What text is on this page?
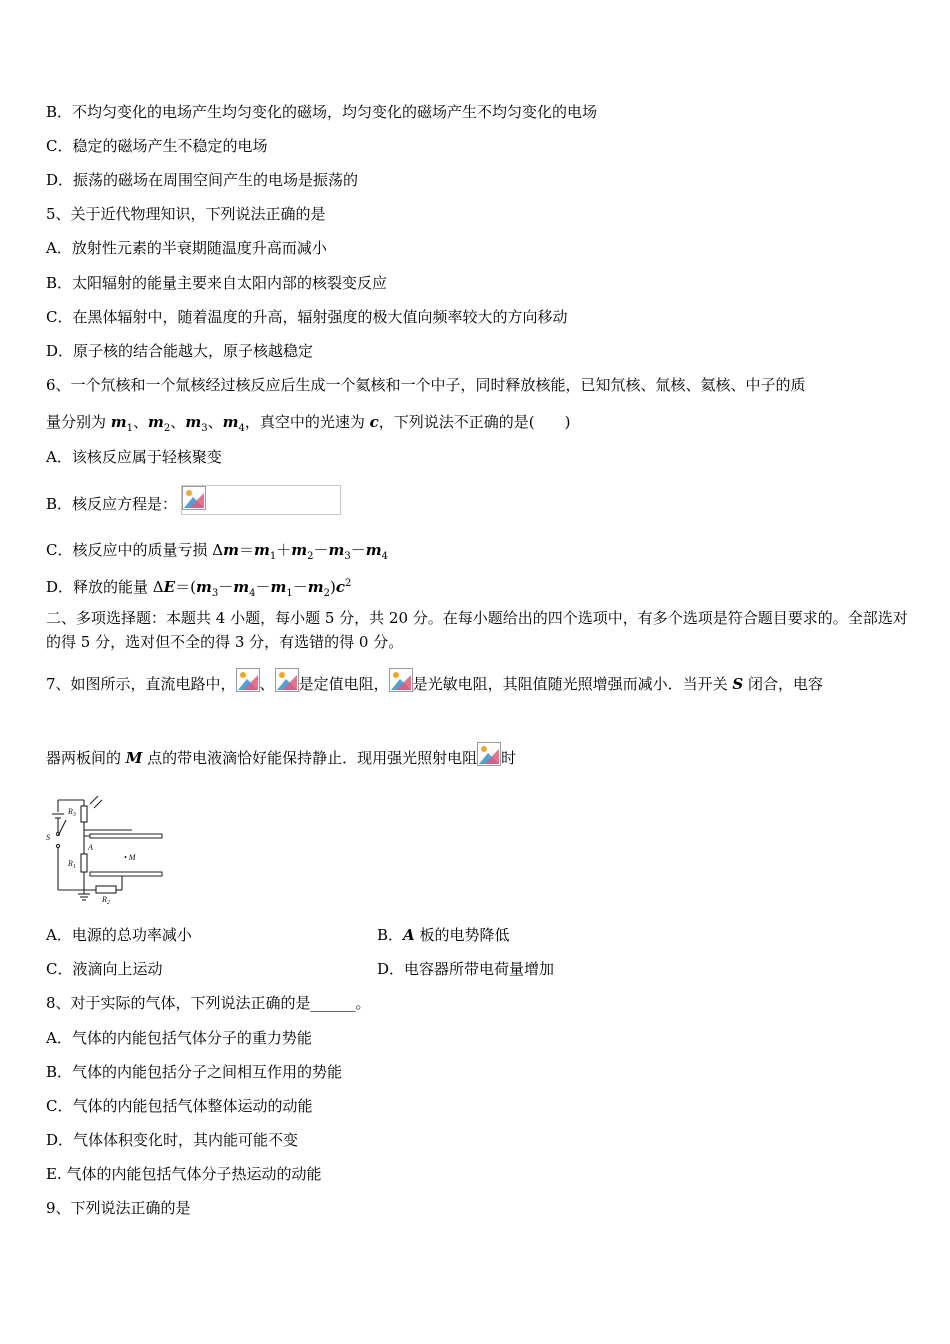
B．不均匀变化的电场产生均匀变化的磁场，均匀变化的磁场产生不均匀变化的电场
C．稳定的磁场产生不稳定的电场
D．振荡的磁场在周围空间产生的电场是振荡的
5、关于近代物理知识，下列说法正确的是
A．放射性元素的半衰期随温度升高而减小
B．太阳辐射的能量主要来自太阳内部的核裂变反应
C．在黑体辐射中，随着温度的升高，辐射强度的极大值向频率较大的方向移动
D．原子核的结合能越大，原子核越稳定
6、一个氘核和一个氚核经过核反应后生成一个氦核和一个中子，同时释放核能，已知氘核、氚核、氦核、中子的质
量分别为 $m_1$、$m_2$、$m_3$、$m_4$，真空中的光速为 c，下列说法不正确的是(　　)
A．该核反应属于轻核聚变
B．核反应方程是：
C．核反应中的质量亏损 $\Delta m=m_1+m_2-m_3-m_4$
D．释放的能量 $\Delta E=(m_3-m_4-m_1-m_2)c^2$
二、多项选择题：本题共 4 小题，每小题 5 分，共 20 分。在每小题给出的四个选项中，有多个选项是符合题目要求的。全部选对的得 5 分，选对但不全的得 3 分，有选错的得 0 分。
7、如图所示，直流电路中， 、 是定值电阻， 是光敏电阻，其阻值随光照增强而减小．当开关 S 闭合，电容
器两板间的 M 点的带电液滴恰好能保持静止．现用强光照射电阻 时
$R_3$
S
A
$R_1$
• M
$R_2$
A．电源的总功率减小	B．A 板的电势降低
C．液滴向上运动	D．电容器所带电荷量增加
8、对于实际的气体，下列说法正确的是______。
A．气体的内能包括气体分子的重力势能
B．气体的内能包括分子之间相互作用的势能
C．气体的内能包括气体整体运动的动能
D．气体体积变化时，其内能可能不变
E. 气体的内能包括气体分子热运动的动能
9、下列说法正确的是
